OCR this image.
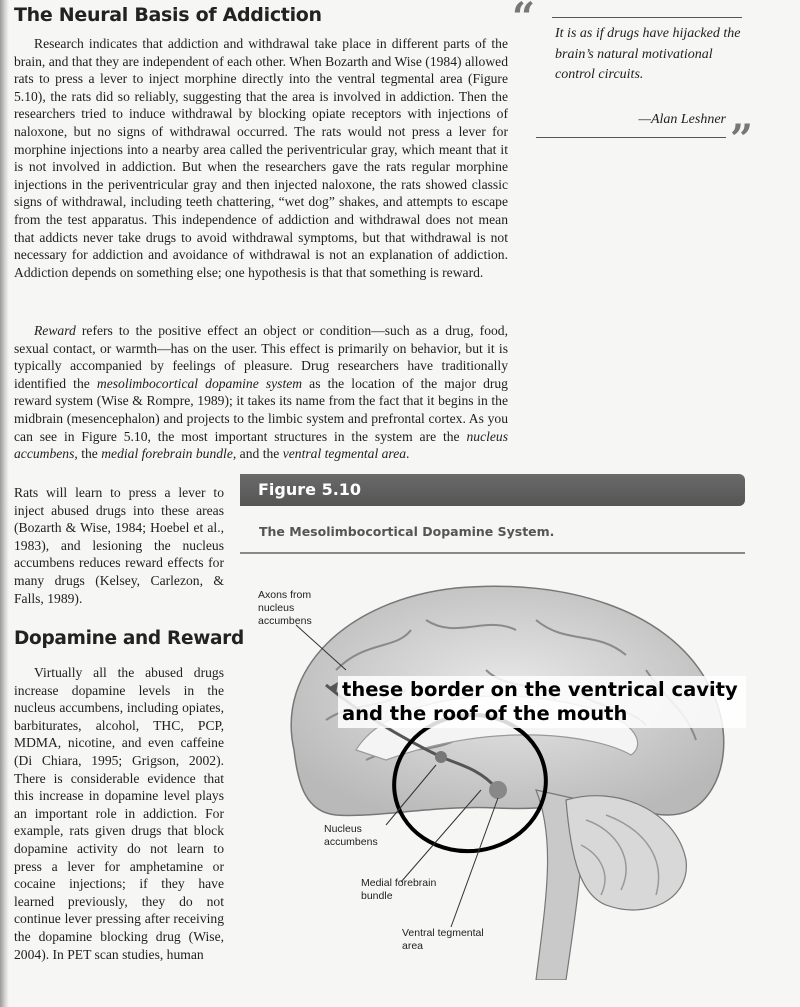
The Neural Basis of Addiction

Research indicates that addiction and withdrawal take place in different parts of the brain, and that they are independent of each other. When Bozarth and Wise (1984) allowed rats to press a lever to inject morphine directly into the ventral tegmental area (Figure 5.10), the rats did so reliably, suggesting that the area is involved in addiction. Then the researchers tried to induce withdrawal by blocking opiate receptors with injections of naloxone, but no signs of withdrawal occurred. The rats would not press a lever for morphine injections into a nearby area called the periventricular gray, which meant that it is not involved in addiction. But when the researchers gave the rats regular morphine injections in the periventricular gray and then injected naloxone, the rats showed classic signs of withdrawal, including teeth chattering, “wet dog” shakes, and attempts to escape from the test apparatus. This independence of addiction and withdrawal does not mean that addicts never take drugs to avoid withdrawal symptoms, but that withdrawal is not necessary for addiction and avoidance of withdrawal is not an explanation of addiction. Addiction depends on something else; one hypothesis is that that something is reward.

Reward refers to the positive effect an object or condition—such as a drug, food, sexual contact, or warmth—has on the user. This effect is primarily on behavior, but it is typically accompanied by feelings of pleasure. Drug researchers have traditionally identified the mesolimbocortical dopamine system as the location of the major drug reward system (Wise & Rompre, 1989); it takes its name from the fact that it begins in the midbrain (mesencephalon) and projects to the limbic system and prefrontal cortex. As you can see in Figure 5.10, the most important structures in the system are the nucleus accumbens, the medial forebrain bundle, and the ventral tegmental area.

Rats will learn to press a lever to inject abused drugs into these areas (Bozarth & Wise, 1984; Hoebel et al., 1983), and lesioning the nucleus accumbens reduces reward effects for many drugs (Kelsey, Carlezon, & Falls, 1989).

Dopamine and Reward

Virtually all the abused drugs increase dopamine levels in the nucleus accumbens, including opiates, barbiturates, alcohol, THC, PCP, MDMA, nicotine, and even caffeine (Di Chiara, 1995; Grigson, 2002). There is considerable evidence that this increase in dopamine level plays an important role in addiction. For example, rats given drugs that block dopamine activity do not learn to press a lever for amphetamine or cocaine injections; if they have learned previously, they do not continue lever pressing after receiving the dopamine blocking drug (Wise, 2004). In PET scan studies, human

“ It is as if drugs have hijacked the brain’s natural motivational control circuits.

—Alan Leshner ”
Figure 5.10
The Mesolimbocortical Dopamine System.
Axons from
nucleus
accumbens
Nucleus
accumbens
Medial forebrain
bundle
Ventral tegmental
area
these border on the ventrical cavity and the roof of the mouth
